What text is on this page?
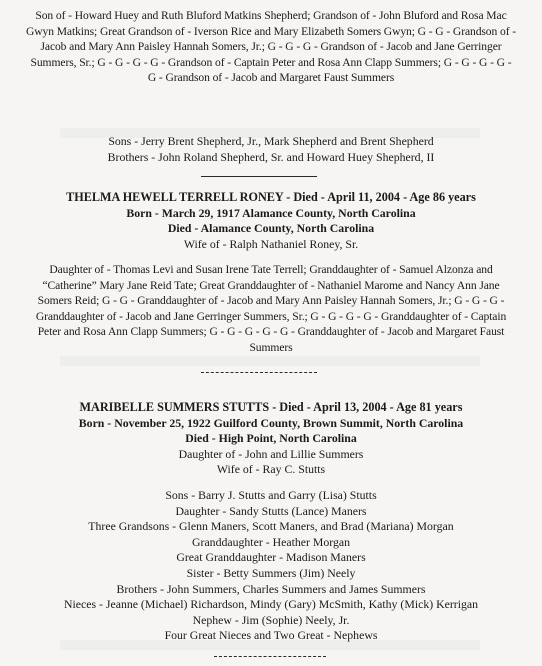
Son of - Howard Huey and Ruth Bluford Matkins Shepherd; Grandson of - John Bluford and Rosa Mac Gwyn Matkins; Great Grandson of - Iverson Rice and Mary Elizabeth Somers Gwyn; G - G - Grandson of - Jacob and Mary Ann Paisley Hannah Somers, Jr.; G - G - G - Grandson of - Jacob and Jane Gerringer Summers, Sr.; G - G - G - G - Grandson of - Captain Peter and Rosa Ann Clapp Summers; G - G - G - G - G - Grandson of - Jacob and Margaret Faust Summers

Sons - Jerry Brent Shepherd, Jr., Mark Shepherd and Brent Shepherd

Brothers - John Roland Shepherd, Sr. and Howard Huey Shepherd, II

THELMA HEWELL TERRELL RONEY - Died - April 11, 2004 - Age 86 years

Born - March 29, 1917 Alamance County, North Carolina

Died - Alamance County, North Carolina

Wife of - Ralph Nathaniel Roney, Sr.

Daughter of - Thomas Levi and Susan Irene Tate Terrell; Granddaughter of - Samuel Alzonza and “Catherine” Mary Jane Reid Tate; Great Granddaughter of - Nathaniel Marome and Nancy Ann Jane Somers Reid; G - G - Granddaughter of - Jacob and Mary Ann Paisley Hannah Somers, Jr.; G - G - G - Granddaughter of - Jacob and Jane Gerringer Summers, Sr.; G - G - G - G - Granddaughter of - Captain Peter and Rosa Ann Clapp Summers; G - G - G - G - G - Granddaughter of - Jacob and Margaret Faust Summers

MARIBELLE SUMMERS STUTTS - Died - April 13, 2004 - Age 81 years

Born - November 25, 1922 Guilford County, Brown Summit, North Carolina

Died - High Point, North Carolina

Daughter of - John and Lillie Summers

Wife of - Ray C. Stutts

Sons - Barry J. Stutts and Garry (Lisa) Stutts

Daughter - Sandy Stutts (Lance) Maners

Three Grandsons - Glenn Maners, Scott Maners, and Brad (Mariana) Morgan

Granddaughter - Heather Morgan

Great Granddaughter - Madison Maners

Sister - Betty Summers (Jim) Neely

Brothers - John Summers, Charles Summers and James Summers

Nieces - Jeanne (Michael) Richardson, Mindy (Gary) McSmith, Kathy (Mick) Kerrigan

Nephew - Jim (Sophie) Neely, Jr.

Four Great Nieces and Two Great - Nephews
